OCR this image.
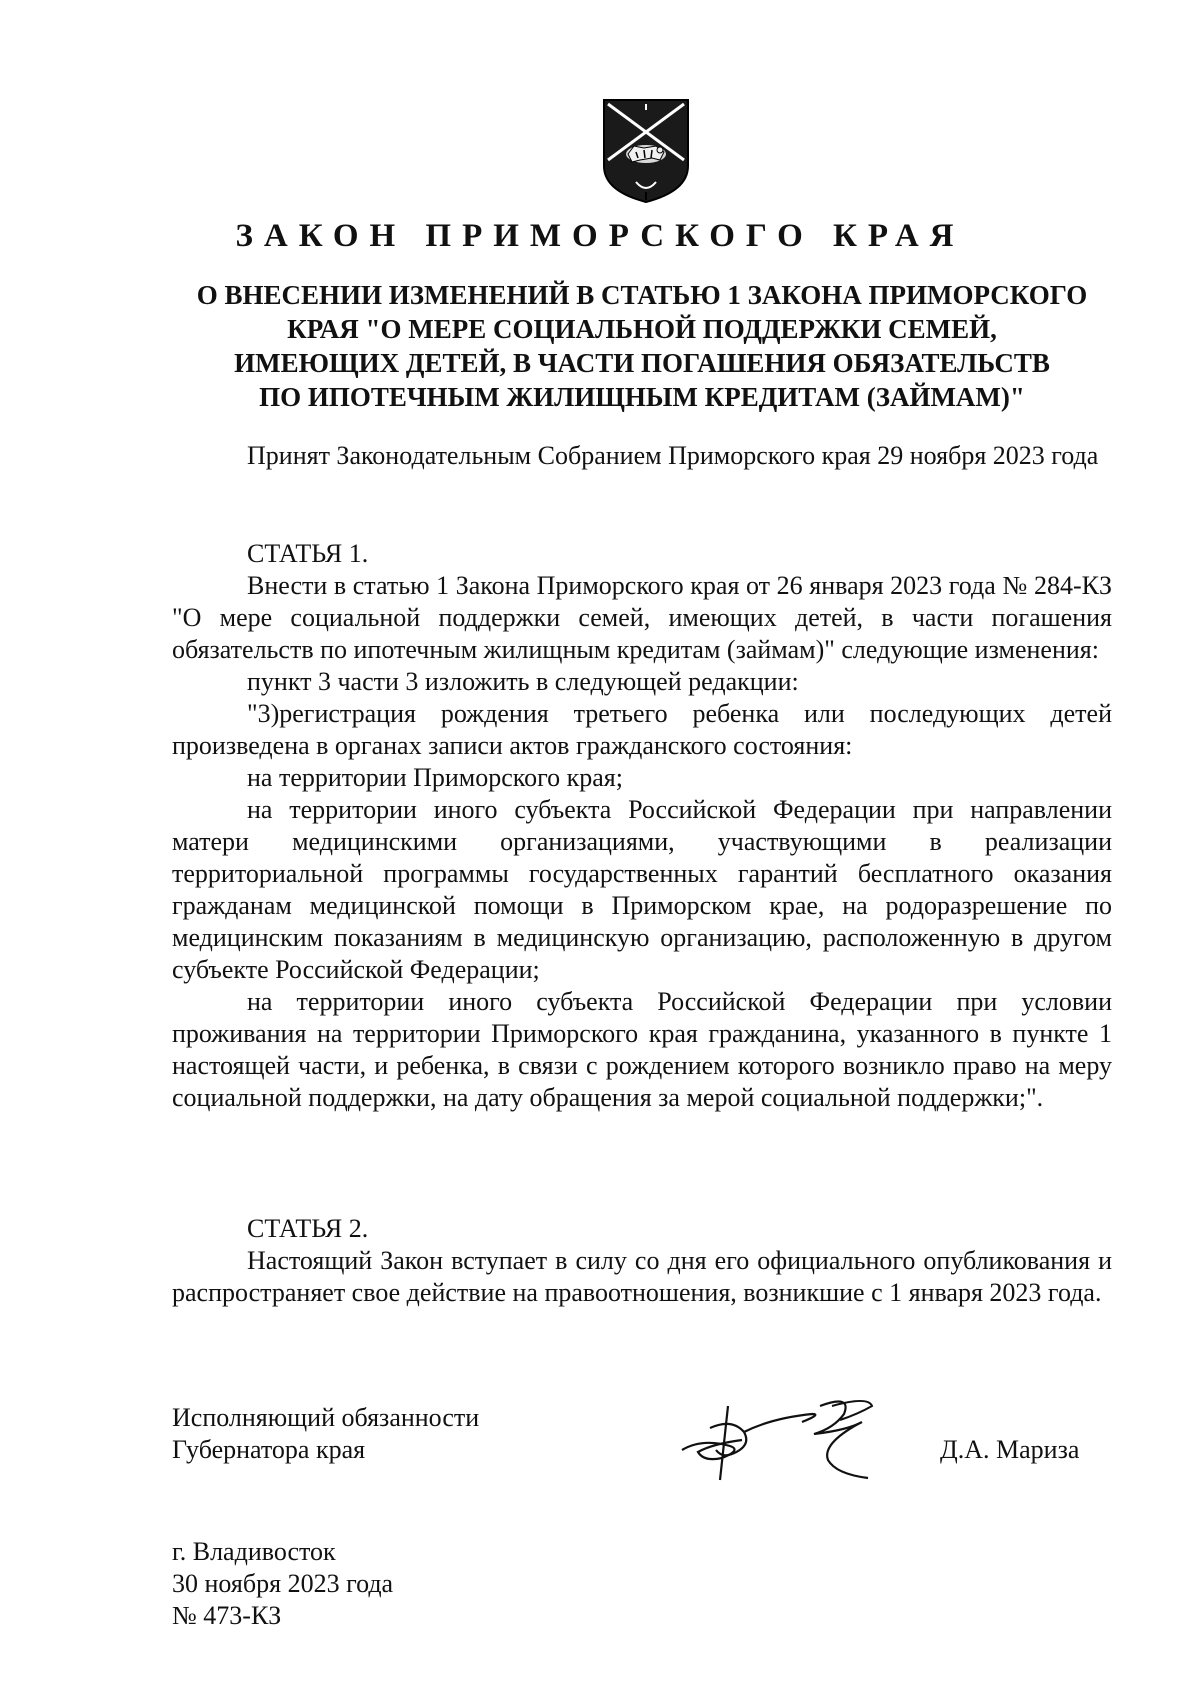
ЗАКОН ПРИМОРСКОГО КРАЯ
О ВНЕСЕНИИ ИЗМЕНЕНИЙ В СТАТЬЮ 1 ЗАКОНА ПРИМОРСКОГО
КРАЯ "О МЕРЕ СОЦИАЛЬНОЙ ПОДДЕРЖКИ СЕМЕЙ,
ИМЕЮЩИХ ДЕТЕЙ, В ЧАСТИ ПОГАШЕНИЯ ОБЯЗАТЕЛЬСТВ
ПО ИПОТЕЧНЫМ ЖИЛИЩНЫМ КРЕДИТАМ (ЗАЙМАМ)"

Принят Законодательным Собранием Приморского края 29 ноября 2023 года

СТАТЬЯ 1.

Внести в статью 1 Закона Приморского края от 26 января 2023 года № 284-КЗ "О мере социальной поддержки семей, имеющих детей, в части погашения обязательств по ипотечным жилищным кредитам (займам)" следующие изменения:

пункт 3 части 3 изложить в следующей редакции:

"3)регистрация рождения третьего ребенка или последующих детей произведена в органах записи актов гражданского состояния:

на территории Приморского края;

на территории иного субъекта Российской Федерации при направлении матери медицинскими организациями, участвующими в реализации территориальной программы государственных гарантий бесплатного оказания гражданам медицинской помощи в Приморском крае, на родоразрешение по медицинским показаниям в медицинскую организацию, расположенную в другом субъекте Российской Федерации;

на территории иного субъекта Российской Федерации при условии проживания на территории Приморского края гражданина, указанного в пункте 1 настоящей части, и ребенка, в связи с рождением которого возникло право на меру социальной поддержки, на дату обращения за мерой социальной поддержки;".

СТАТЬЯ 2.

Настоящий Закон вступает в силу со дня его официального опубликования и распространяет свое действие на правоотношения, возникшие с 1 января 2023 года.

Исполняющий обязанности
Губернатора края	Д.А. Мариза
г. Владивосток
30 ноября 2023 года
№ 473-КЗ
